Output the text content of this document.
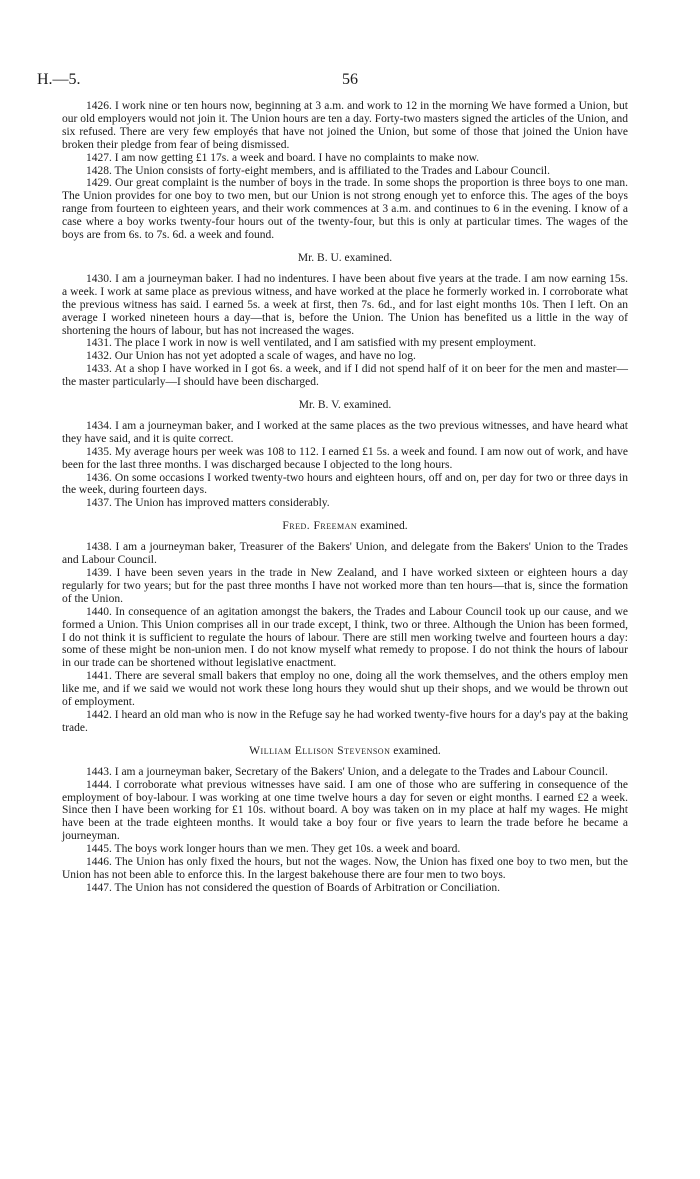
H.—5.	56

1426. I work nine or ten hours now, beginning at 3 a.m. and work to 12 in the morning We have formed a Union, but our old employers would not join it. The Union hours are ten a day. Forty-two masters signed the articles of the Union, and six refused. There are very few employés that have not joined the Union, but some of those that joined the Union have broken their pledge from fear of being dismissed.

1427. I am now getting £1 17s. a week and board. I have no complaints to make now.

1428. The Union consists of forty-eight members, and is affiliated to the Trades and Labour Council.

1429. Our great complaint is the number of boys in the trade. In some shops the proportion is three boys to one man. The Union provides for one boy to two men, but our Union is not strong enough yet to enforce this. The ages of the boys range from fourteen to eighteen years, and their work commences at 3 a.m. and continues to 6 in the evening. I know of a case where a boy works twenty-four hours out of the twenty-four, but this is only at particular times. The wages of the boys are from 6s. to 7s. 6d. a week and found.

Mr. B. U. examined.

1430. I am a journeyman baker. I had no indentures. I have been about five years at the trade. I am now earning 15s. a week. I work at same place as previous witness, and have worked at the place he formerly worked in. I corroborate what the previous witness has said. I earned 5s. a week at first, then 7s. 6d., and for last eight months 10s. Then I left. On an average I worked nineteen hours a day—that is, before the Union. The Union has benefited us a little in the way of shortening the hours of labour, but has not increased the wages.

1431. The place I work in now is well ventilated, and I am satisfied with my present employment.

1432. Our Union has not yet adopted a scale of wages, and have no log.

1433. At a shop I have worked in I got 6s. a week, and if I did not spend half of it on beer for the men and master—the master particularly—I should have been discharged.

Mr. B. V. examined.

1434. I am a journeyman baker, and I worked at the same places as the two previous witnesses, and have heard what they have said, and it is quite correct.

1435. My average hours per week was 108 to 112. I earned £1 5s. a week and found. I am now out of work, and have been for the last three months. I was discharged because I objected to the long hours.

1436. On some occasions I worked twenty-two hours and eighteen hours, off and on, per day for two or three days in the week, during fourteen days.

1437. The Union has improved matters considerably.

Fred. Freeman examined.

1438. I am a journeyman baker, Treasurer of the Bakers' Union, and delegate from the Bakers' Union to the Trades and Labour Council.

1439. I have been seven years in the trade in New Zealand, and I have worked sixteen or eighteen hours a day regularly for two years; but for the past three months I have not worked more than ten hours—that is, since the formation of the Union.

1440. In consequence of an agitation amongst the bakers, the Trades and Labour Council took up our cause, and we formed a Union. This Union comprises all in our trade except, I think, two or three. Although the Union has been formed, I do not think it is sufficient to regulate the hours of labour. There are still men working twelve and fourteen hours a day: some of these might be non-union men. I do not know myself what remedy to propose. I do not think the hours of labour in our trade can be shortened without legislative enactment.

1441. There are several small bakers that employ no one, doing all the work themselves, and the others employ men like me, and if we said we would not work these long hours they would shut up their shops, and we would be thrown out of employment.

1442. I heard an old man who is now in the Refuge say he had worked twenty-five hours for a day's pay at the baking trade.

William Ellison Stevenson examined.

1443. I am a journeyman baker, Secretary of the Bakers' Union, and a delegate to the Trades and Labour Council.

1444. I corroborate what previous witnesses have said. I am one of those who are suffering in consequence of the employment of boy-labour. I was working at one time twelve hours a day for seven or eight months. I earned £2 a week. Since then I have been working for £1 10s. without board. A boy was taken on in my place at half my wages. He might have been at the trade eighteen months. It would take a boy four or five years to learn the trade before he became a journeyman.

1445. The boys work longer hours than we men. They get 10s. a week and board.

1446. The Union has only fixed the hours, but not the wages. Now, the Union has fixed one boy to two men, but the Union has not been able to enforce this. In the largest bakehouse there are four men to two boys.

1447. The Union has not considered the question of Boards of Arbitration or Conciliation.
